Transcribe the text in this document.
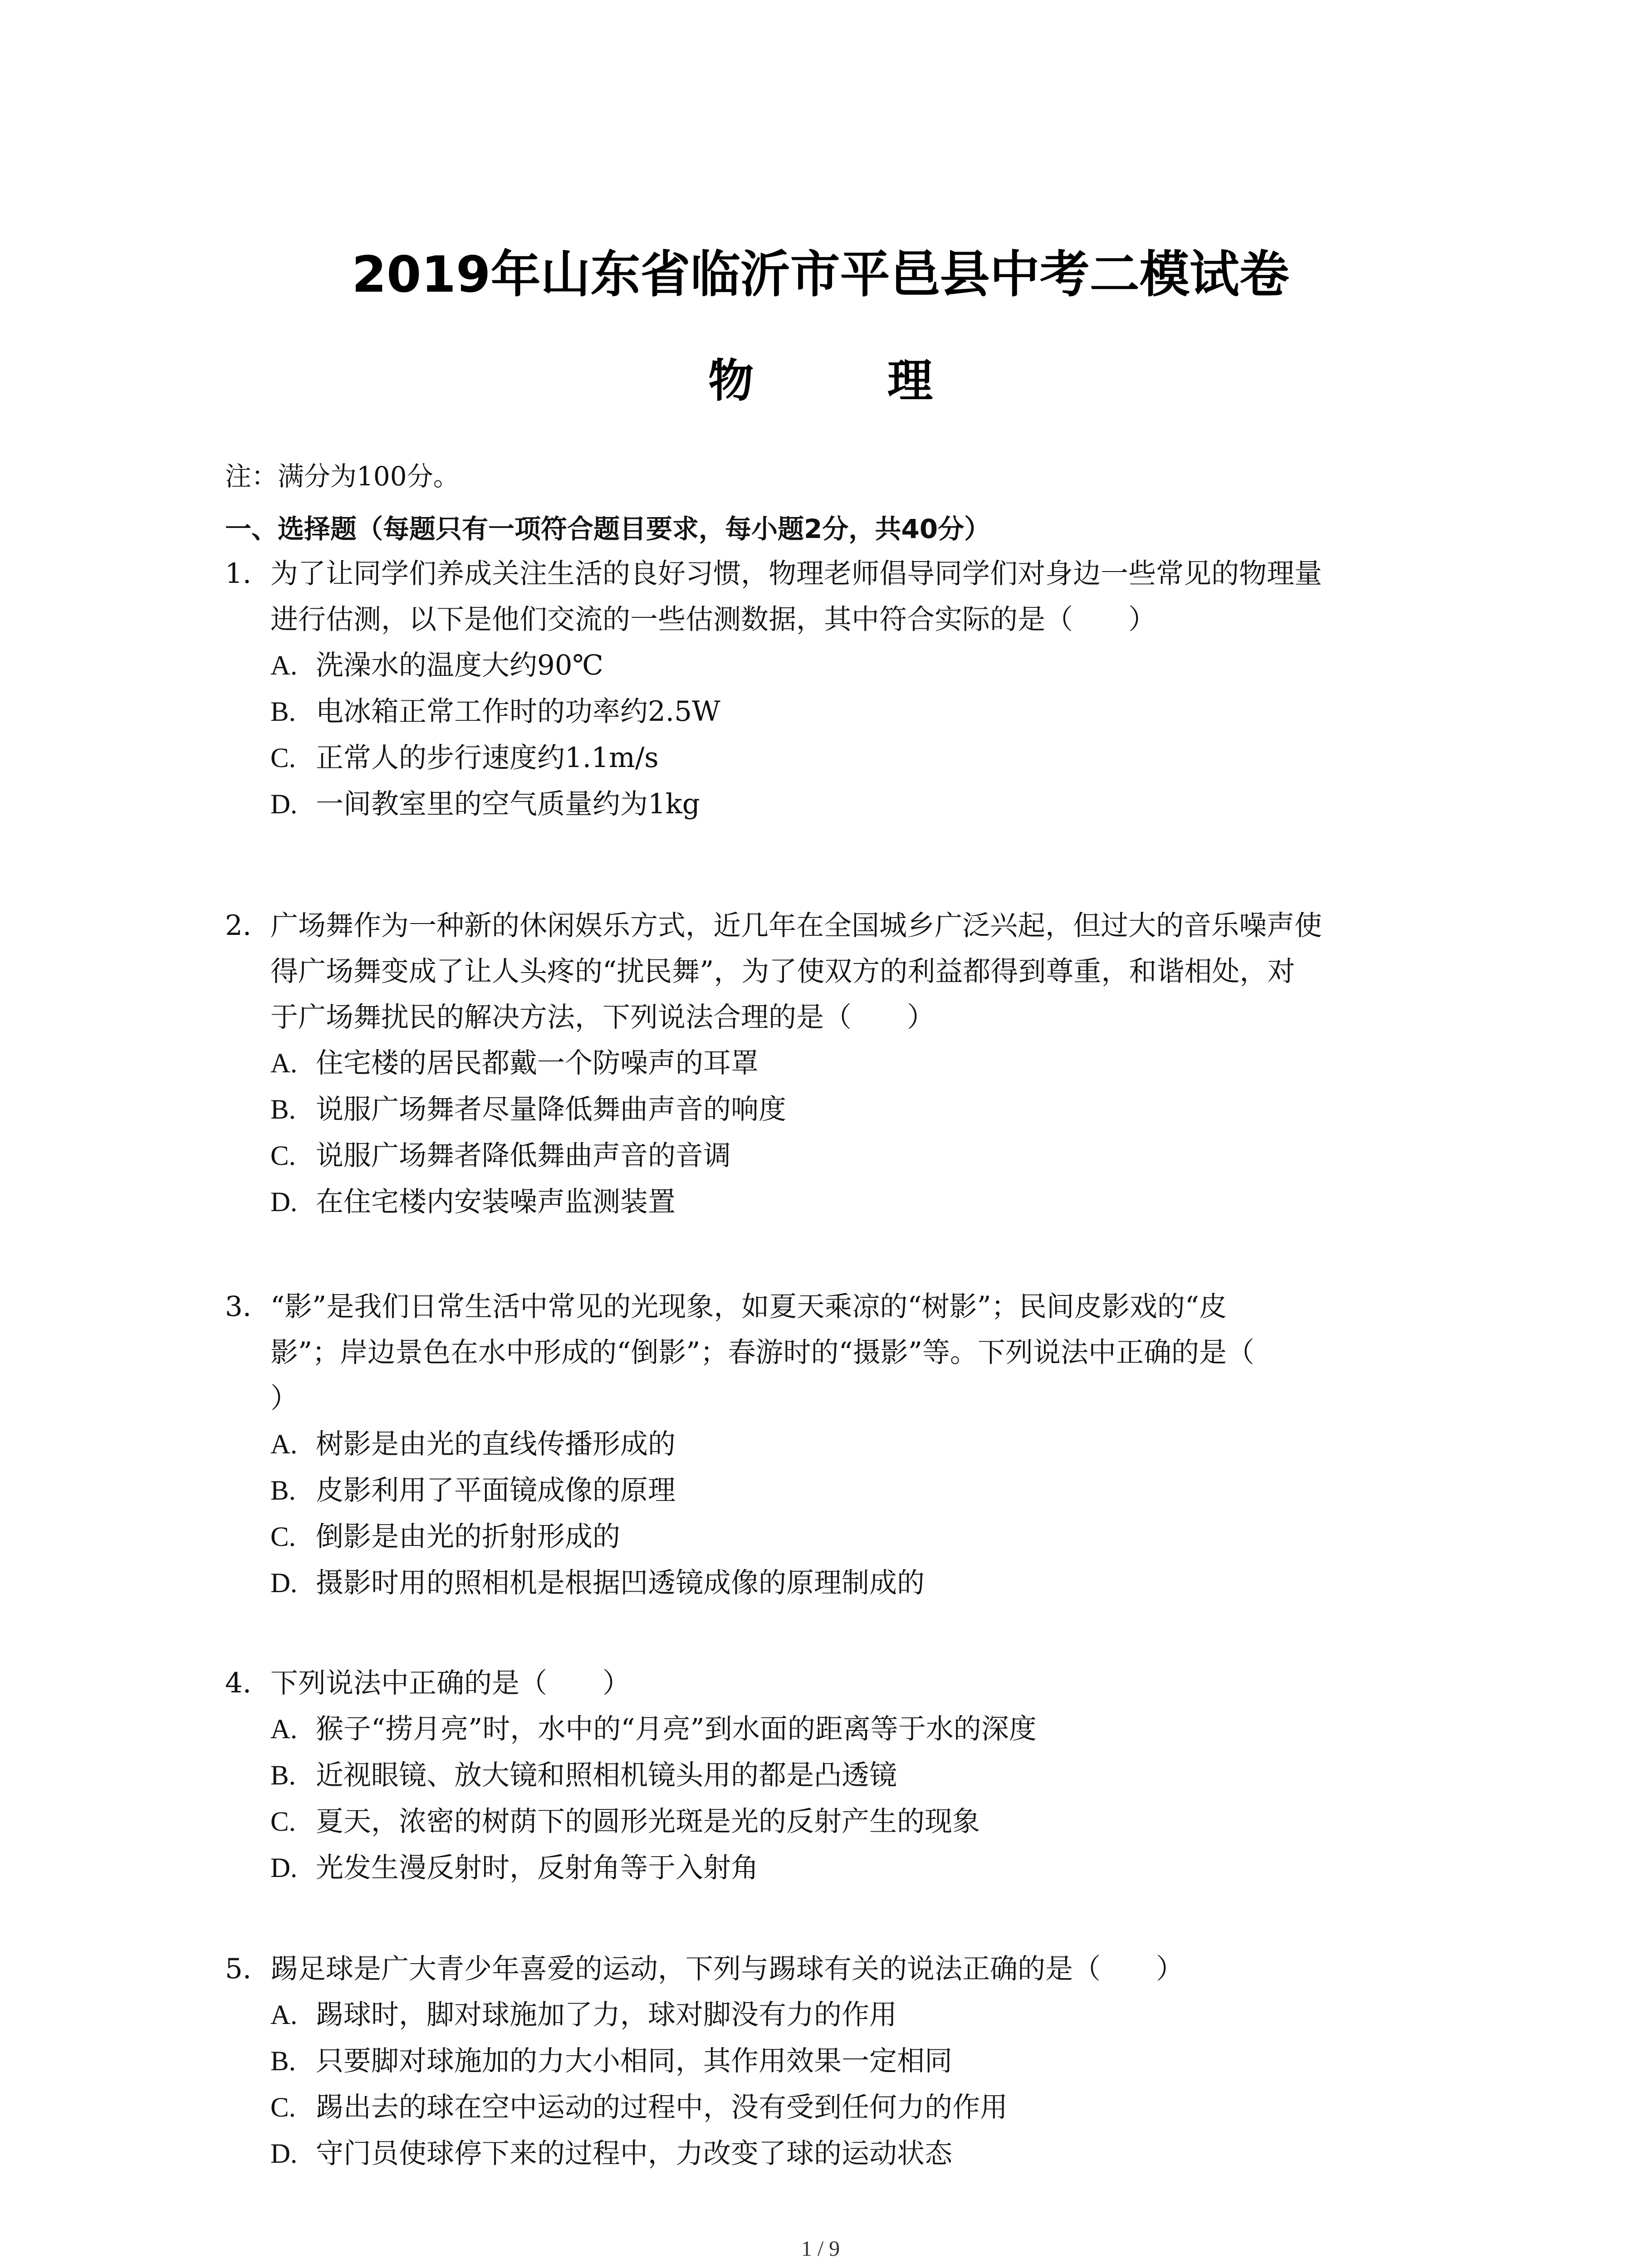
2019年山东省临沂市平邑县中考二模试卷
物 理
注：满分为100分。
一、选择题（每题只有一项符合题目要求，每小题2分，共40分）
1. 为了让同学们养成关注生活的良好习惯，物理老师倡导同学们对身边一些常见的物理量
进行估测，以下是他们交流的一些估测数据，其中符合实际的是（　　）
A. 洗澡水的温度大约90℃
B. 电冰箱正常工作时的功率约2.5W
C. 正常人的步行速度约1.1m/s
D. 一间教室里的空气质量约为1kg
2. 广场舞作为一种新的休闲娱乐方式，近几年在全国城乡广泛兴起，但过大的音乐噪声使
得广场舞变成了让人头疼的“扰民舞”，为了使双方的利益都得到尊重，和谐相处，对
于广场舞扰民的解决方法，下列说法合理的是（　　）
A. 住宅楼的居民都戴一个防噪声的耳罩
B. 说服广场舞者尽量降低舞曲声音的响度
C. 说服广场舞者降低舞曲声音的音调
D. 在住宅楼内安装噪声监测装置
3. “影”是我们日常生活中常见的光现象，如夏天乘凉的“树影”；民间皮影戏的“皮
影”；岸边景色在水中形成的“倒影”；春游时的“摄影”等。下列说法中正确的是（
）
A. 树影是由光的直线传播形成的
B. 皮影利用了平面镜成像的原理
C. 倒影是由光的折射形成的
D. 摄影时用的照相机是根据凹透镜成像的原理制成的
4. 下列说法中正确的是（　　）
A. 猴子“捞月亮”时，水中的“月亮”到水面的距离等于水的深度
B. 近视眼镜、放大镜和照相机镜头用的都是凸透镜
C. 夏天，浓密的树荫下的圆形光斑是光的反射产生的现象
D. 光发生漫反射时，反射角等于入射角
5. 踢足球是广大青少年喜爱的运动，下列与踢球有关的说法正确的是（　　）
A. 踢球时，脚对球施加了力，球对脚没有力的作用
B. 只要脚对球施加的力大小相同，其作用效果一定相同
C. 踢出去的球在空中运动的过程中，没有受到任何力的作用
D. 守门员使球停下来的过程中，力改变了球的运动状态
1 / 9
